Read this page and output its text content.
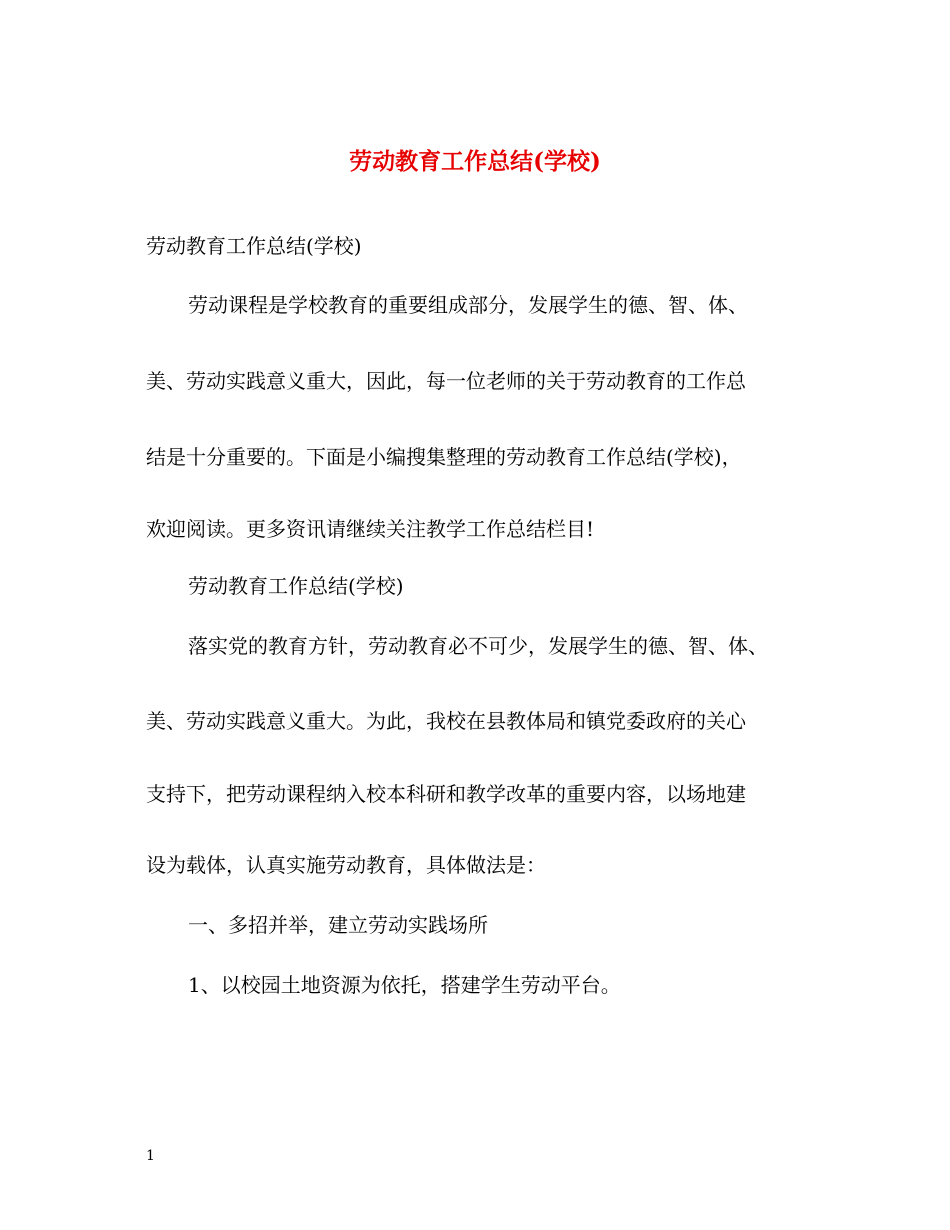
劳动教育工作总结(学校)
劳动教育工作总结(学校)
劳动课程是学校教育的重要组成部分，发展学生的德、智、体、
美、劳动实践意义重大，因此，每一位老师的关于劳动教育的工作总
结是十分重要的。下面是小编搜集整理的劳动教育工作总结(学校)，
欢迎阅读。更多资讯请继续关注教学工作总结栏目!
劳动教育工作总结(学校)
落实党的教育方针，劳动教育必不可少，发展学生的德、智、体、
美、劳动实践意义重大。为此，我校在县教体局和镇党委政府的关心
支持下，把劳动课程纳入校本科研和教学改革的重要内容，以场地建
设为载体，认真实施劳动教育，具体做法是：
一、多招并举，建立劳动实践场所
1、以校园土地资源为依托，搭建学生劳动平台。
1
